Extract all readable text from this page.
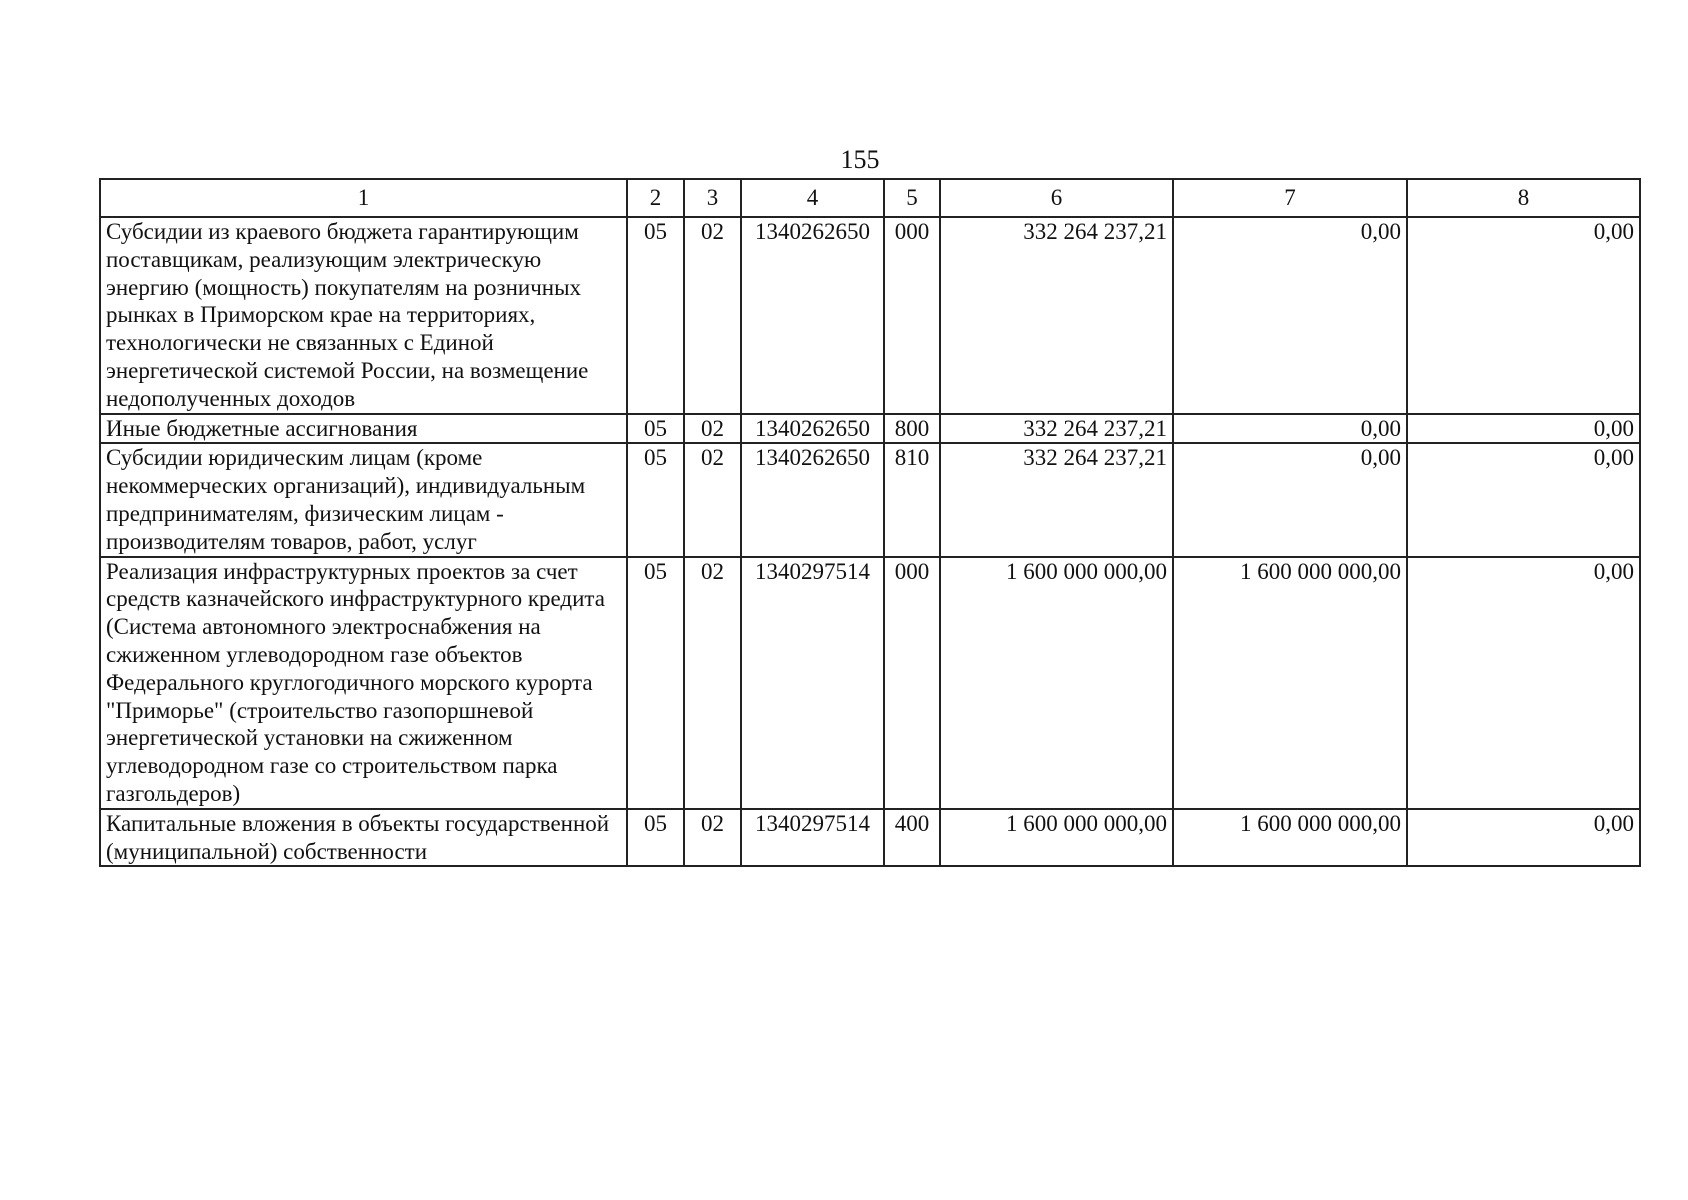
155
1	2	3	4	5	6	7	8
Субсидии из краевого бюджета гарантирующим поставщикам, реализующим электрическую энергию (мощность) покупателям на розничных рынках в Приморском крае на территориях, технологически не связанных с Единой энергетической системой России, на возмещение недополученных доходов	05	02	1340262650	000	332 264 237,21	0,00	0,00
Иные бюджетные ассигнования	05	02	1340262650	800	332 264 237,21	0,00	0,00
Субсидии юридическим лицам (кроме некоммерческих организаций), индивидуальным предпринимателям, физическим лицам - производителям товаров, работ, услуг	05	02	1340262650	810	332 264 237,21	0,00	0,00
Реализация инфраструктурных проектов за счет средств казначейского инфраструктурного кредита (Система автономного электроснабжения на сжиженном углеводородном газе объектов Федерального круглогодичного морского курорта "Приморье" (строительство газопоршневой энергетической установки на сжиженном углеводородном газе со строительством парка газгольдеров)	05	02	1340297514	000	1 600 000 000,00	1 600 000 000,00	0,00
Капитальные вложения в объекты государственной (муниципальной) собственности	05	02	1340297514	400	1 600 000 000,00	1 600 000 000,00	0,00
